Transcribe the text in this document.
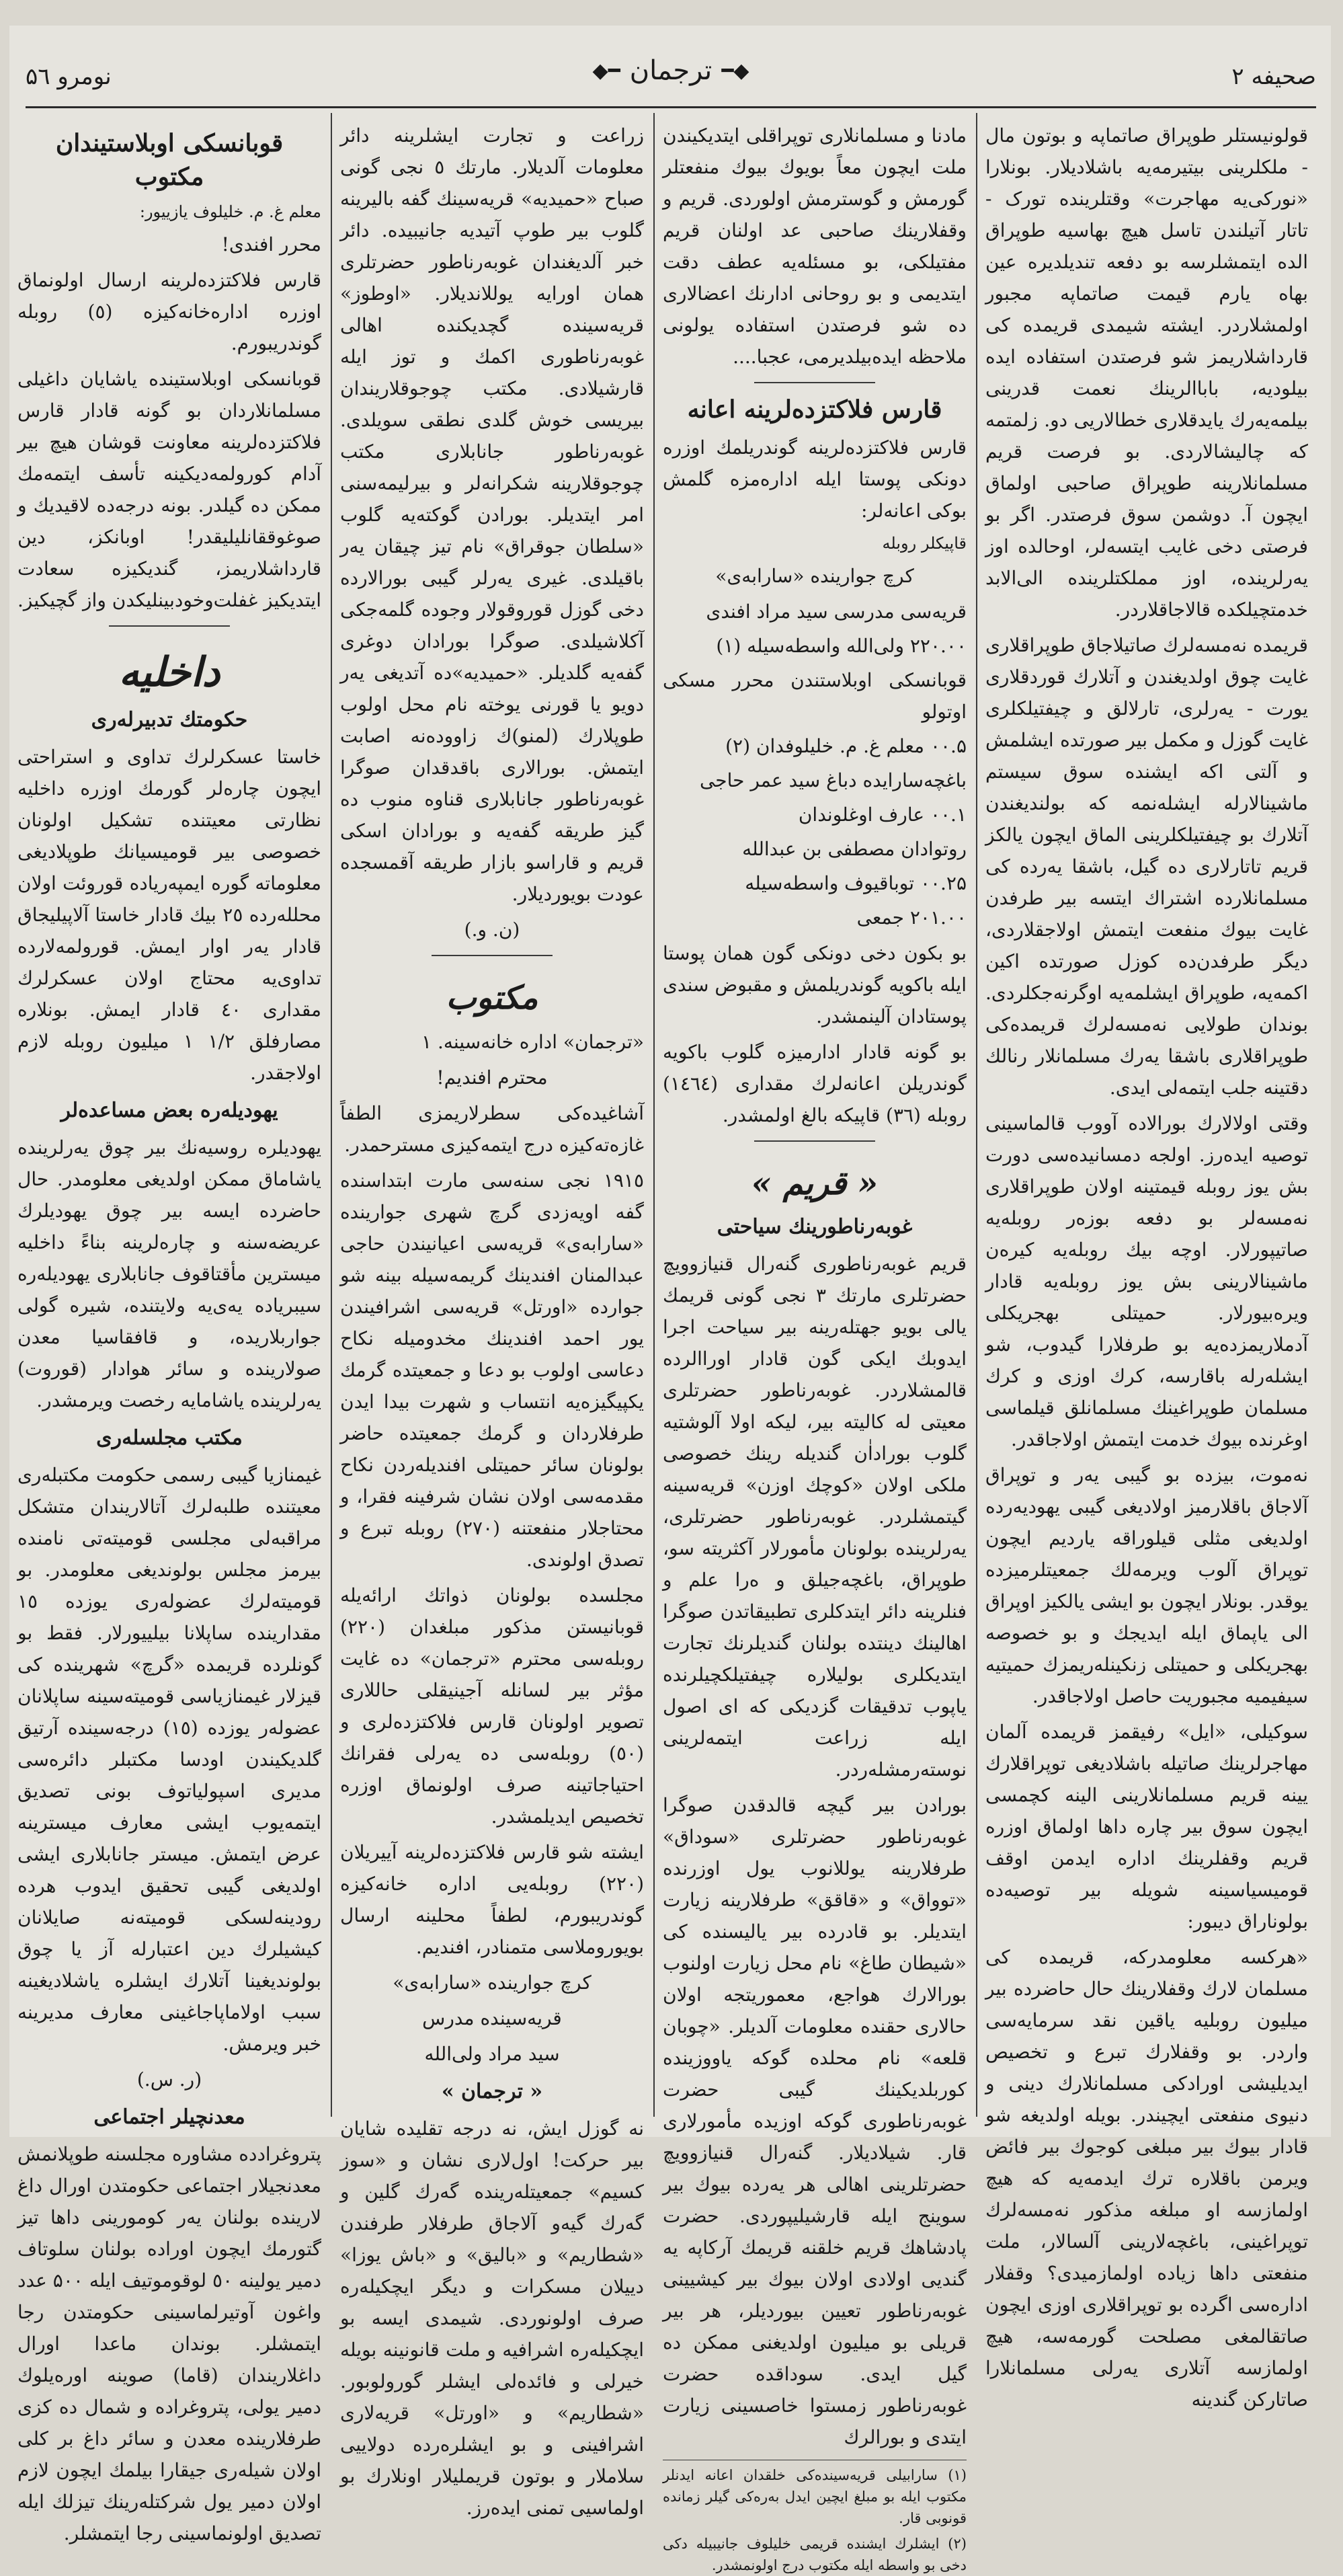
صحیفه ۲
◆━
ترجمان
━◆
نومرو ۵٦

قولونیستلر طوپراق صاتماپه و بوتون مال - ملکلرینی بیتیرمه‌یه باشلادیلار. بونلارا «نورکی‌یه مهاجرت» وقتلرینده تورک - تاتار آتیلندن تاسل هیچ بهاسیه طوپراق الده ایتمشلرسه بو دفعه تندیلدیره عین بهاه یارم قیمت صاتماپه مجبور اولمشلاردر. ایشته شیمدی قریمده کی قارداشلاریمز شو فرصتدن استفاده ایده بیلودیه، باباالرینك نعمت قدرینی بیلمه‌یه‌رك یایدقلاری خطالاریی دو. زلمتمه که چالیشالاردی. بو فرصت قریم مسلمانلارینه طوپراق صاحبی اولماق ایچون آ. دوشمن سوق فرصتدر. اگر بو فرصتی دخی غایب ایتسه‌لر، اوحالده اوز یه‌رلرینده، اوز مملکتلرینده الی‌الابد خدمتچیلکده قالاجاقلاردر.

قریمده نه‌مسه‌لرك صاتیلاجاق طوپراقلاری غایت چوق اولدیغندن و آتلارك قوردقلاری یورت - یه‌رلری، تارلالق و چیفتیلکلری غایت گوزل و مکمل بیر صورتده ایشلمش و آلتی اکه ایشنده سوق سیستم ماشینالارله ایشله‌نمه که بولندیغندن آتلارك بو چیفتیلکلرینی الماق ایچون یالکز قریم تاتارلاری ده گیل، باشقا یه‌رده کی مسلمانلارده اشتراك ایتسه بیر طرفدن غایت بیوك منفعت ایتمش اولاجقلاردی، دیگر طرفدن‌ده کوزل صورتده اکین اکمه‌یه، طوپراق ایشلمه‌یه اوگرنه‌جكلردی. بوندان طولایی نه‌مسه‌لرك قریمده‌کی طوپراقلاری باشقا یه‌رك مسلمانلار رنالك دقتینه جلب ایتمه‌لی ایدی.

وقتی اولالارك بورالاده آووب قالما‌سینی توصیه ایده‌رز. اولجه دمسانیده‌سی دورت بش یوز روبله قیمتینه اولان طوپراقلاری نه‌مسه‌لر بو دفعه بوزه‌ر روبله‌یه صاتیپورلار. اوچه بیك روبله‌یه کیره‌ن ماشینالارینی بش یوز روبله‌یه قادار ویره‌بیورلار. حمیتلی بهجریکلی آدملاریمزده‌یه بو طرفلارا گیدوب، شو ایشله‌رله باقارسه، کرك اوزی و کرك مسلمان طوپراغینك مسلمانلق قیلماسی اوغرنده بیوك خدمت ایتمش اولاجاقدر.

نه‌موت، بیزده بو گیبی یه‌ر و توپراق آلاجاق باقلارمیز اولادیغی گیبی یهودیه‌رده اولدیغی مثلی قیلوراقه یاردیم ایچون توپراق آلوب ویرمه‌لك جمعیتلرمیزده یوقدر. بونلار ایچون بو ایشی یالکیز اوپراق الی‌ یاپماق ایله ایدیجك و بو خصوصه بهجریکلی و حمیتلی زنکینله‌ریمزك حمیتیه سیفیمیه مجبوریت حاصل اولاجاقدر.

سوکیلی، «ایل» رفیقمز قریمده آلمان مهاجرلرینك صاتیله باشلادیغی توپراقلارك یینه قریم مسلمانلارینی الینه کچمسی ایچون سوق بیر چاره داها اولماق اوزره قریم وقفلرینك اداره ایدمن اوقف قومیسیاسینه شویله بیر توصیه‌ده بولوناراق دیبور:

«هرکسه معلومدرکه، قریمده کی مسلمان لارك وقفلارینك حال حاضرده بیر میلیون روبلیه یاقین نقد سرمایه‌سی واردر. بو وقفلارك تبرع و تخصیص ایدیلیشی اورادکی مسلمانلارك دینی و دنیوی منفعتی ایچیندر. بویله اولدیغه شو قادار بیوك بیر مبلغی کوجوك بیر فائض ویرمن باقلاره ترك ایدمه‌یه که هیچ اولمازسه او مبلغه مذکور نه‌مسه‌لرك توپراغینی، باغچه‌لارینی آلسالار، ملت منفعتی داها زیاده اولمازمیدی؟ وقفلار اداره‌سی اگرده بو توپراقلاری اوزی ایچون صاتقالمغی مصلحت گورمه‌سه، هیچ اولمازسه آتلاری یه‌رلی مسلمانلارا صاتارکن گندینه

مادنا و مسلمانلاری توپراقلی ایتدیکیندن ملت ایچون معاً بویوك بیوك منفعتلر گورمش و گوسترمش اولوردی. قریم و وقفلارینك صاحبی عد اولنان قریم مفتیلکی، بو مسئله‌یه عطف دقت ایتدیمی و بو روحانی ادارنك اعضالاری ده شو فرصتدن استفاده یولونی ملاحظه ایده‌بیلدیرمی، عجبا....

قارس فلاکتزده‌لرینه اعانه

قارس فلاکتزده‌لرینه گوندریلمك اوزره دونکی پوستا ایله اداره‌مزه گلمش بوکی اعانه‌لر:

قاپیکلر روبله

کرچ جوارینده «سارابه‌ی»

قریه‌سی مدرسی سید مراد افندی

۲۲۰.۰۰ ولی‌الله واسطه‌سیله (۱)

قوبانسکی اوبلاستندن محرر مسکی اوتولو

۰۰.۵ معلم غ. م. خلیلوفدان (۲)

باغچه‌سارایده دباغ سید عمر حاجی

۰۰.۱ عارف اوغلوندان

روتوادان مصطفی بن عبدالله

۰۰.۲۵ توباقیوف واسطه‌سیله

۲۰۱.۰۰ جمعی

بو بکون دخی دونکی گون همان پوستا ایله باکویه گوندریلمش و مقبوض سندی پوستادان آلینمشدر.

بو گونه قادار ادارمیزه گلوب باکویه گوندریلن اعانه‌لرك مقداری (۱٤٦٤) روبله (۳٦) قاپیکه بالغ اولمشدر.

« قریم »
غوبه‌رناطورینك سیاحتی

قریم غوبه‌رناطوری گنه‌رال قنیازوویچ حضرتلری مارتك ۳ نجی گونی قریمك یالی بویو جهتله‌رینه بیر سیاحت اجرا ایدوبك ایکی گون قادار اوراالرده قالمشلاردر. غوبه‌رناطور حضرتلری معیتی‌ له کالیته بیر، لیکه اولا آلوشتیه گلوب بوراداٰن گندیله رینك خصوصی ملکی اولان «کوچك اوزن» قریه‌سینه گیتمشلردر. غوبه‌رناطور حضرتلری، یه‌رلرینده بولونان مأمورلار آکثریته سو، طوپراق، باغچه‌جیلق و ه‌را علم و فنلرینه دائر ایتدکلری تطبیقاتدن صوگرا اهالینك دینتده بولنان گندیلرنك تجارت ایتدیکلری بولیلاره چیفتیلکچیلرنده یاپوب تدقیقات گزدیکی که ای اصول ایله زراعت ایتمه‌لرینی نوسته‌رمشله‌ردر.

بورادن بیر گیچه قالدقدن صوگرا غوبه‌رناطور حضرتلری «سوداق» طرفلارینه یوللانوب یول اوزرنده «توواق» و «قاقق» طرفلارینه زیارت ایتدیلر. بو قادر‌ده بیر یالیسنده کی «شیطان طاغ» نام محل زیارت اولنوب بورالارك هواجع، معموریتجه اولان حالاری حقنده معلومات آلدیلر. «چوبان قلعه» نام محلده گوکه‌ یاووزینده کوربلدیکینك گیبی حضرت غوبه‌رناطوری گوکه اوزیده مأمورلاری قار. شیلادیلار. گنه‌رال قنیازوویچ حضرتلرینی اهالی هر یه‌رده بیوك بیر سوینج ایله قارشیلیپوردی. حضرت پادشاهك قریم خلقنه قریمك آرکاپه یه گندیی اولادی اولان بیوك بیر کیشیینی غوبه‌رناطور تعیین بیوردیلر، هر بیر قریلی بو میلیون اولدیغنی ممکن ده گیل ایدی. سوداقده حضرت غوبه‌رناطور زمستوا خاصسینی زیارت ایتدی و بورالرك

(۱) سارابیلی قریه‌سینده‌کی خلقدان اعانه ایدنلر مکتوب ایله بو مبلغ ایچین ایدل به‌ره‌کی گیلر زمانده قونوبی قار.

(۲) ایشلرك ایشنده قریمی خلیلوف جانیبیله دکی دخی بو واسطه ایله مکتوب درج اولونمشدر.

زراعت و تجارت ایشلرینه دائر معلومات آلدیلار. مارتك ٥ نجی گونی صباح «حمیدیه» قریه‌سینك گفه بالیرینه گلوب بیر طوپ آتیدیه جانیبیده. دائر خبر آلدیغندان غوبه‌رناطور حضرتلری همان اورایه یوللاندیلار. «اوطوز» قریه‌سینده گچدیکنده اهالی غوبه‌رناطوری اکمك و توز ایله قارشیلادی. مکتب چوجوقلاریندان بیریسی خوش گلدی نطقی سویلدی. غوبه‌رناطور جانابلاری مکتب چوجوقلارینه شکرانه‌لر و بیرلیمه‌سنی امر ایتدیلر. بورادن گوکته‌یه گلوب «سلطان جوقراق» نام تیز چیقان یه‌ر باقیلدی. غیری یه‌رلر گیبی بورالارده دخی گوزل قوروقولار وجوده گلمه‌جکی آکلاشیلدی. صوگرا بورادان دوغری گفه‌یه گلدیلر. «حمیدیه»ده آتدیغی یه‌ر دویو یا قورنی یوخته نام محل اولوب طوپلارك (لمنو)ك زاووده‌نه اصابت ایتمش. بورالاری باقدقدان صوگرا غوبه‌رناطور جانابلاری قناوه منوب ده گیز طریقه گفه‌یه و بورادان اسکی قریم و قاراسو بازار طریقه آقمسجده عودت بویوردیلار.

(ن. و.)

مکتوب

«ترجمان» اداره خانه‌سینه. ۱

محترم افندیم!

آشاغیده‌کی سطرلاریمزی الطفاً غازه‌ته‌کیزه درج ایتمه‌کیزی مسترحمدر.

۱۹۱٥ نجی سنه‌سی مارت ابتداسنده گفه اویه‌زدی گرچ شهری جوارینده «سارابه‌ی» قریه‌سی اعیانیندن حاجی عبدالمنان افندینك گریمه‌سیله بینه شو جوارده «اورتل» قریه‌سی اشرافیندن یور احمد افندینك مخدومیله نکاح دعاسی اولوب بو دعا و جمعیتده گرمك یکپیگیزه‌یه انتساب و شهرت بیدا ایدن طرفلاردان و گرمك جمعیتده حاضر بولونان سائر حمیتلی افندیله‌ردن نکاح مقدمه‌سی اولان نشان شرفینه فقرا، و محتاجلار منفعتنه (۲۷۰) روبله تبرع و تصدق اولوندی.

مجلسده بولونان ذواتك ارائه‌یله قوبانیستن مذکور مبلغدان (۲۲۰) روبله‌سی محترم «ترجمان» ده غایت مؤثر بیر لسانله آجینیقلی حاللاری تصویر اولونان قارس فلاکتزده‌لری و (٥۰) روبله‌سی ده یه‌رلی فقرانك احتیاجاتینه صرف اولونماق اوزره تخصیص ایدیلمشدر.

ایشته شو قارس فلاکتزده‌لرینه آییریلان (۲۲۰) روبله‌یی اداره خانه‌کیزه گوندریبورم، لطفاً محلینه ارسال بویوروملاسی متمنادر، افندیم.

کرچ جوارینده «سارابه‌ی»

قریه‌سینده مدرس

سید مراد ولی‌الله

« ترجمان »

نه گوزل ایش، نه درجه تقلیده شایان بیر حرکت! اول‌لاری نشان و «سوز کسیم» جمعیتله‌رینده گه‌رك گلین و گه‌رك گیه‌و آلاجاق طرفلار طرفندن «شطاریم» و «بالیق» و «باش یوزا» دییلان مسکرات و دیگر ایچکیله‌ره صرف اولونوردی. شیمدی ایسه بو ایچکیله‌ره اشرافیه و ملت قانونینه بویله خیرلی و فائده‌لی ایشلر گورولوبور. «شطاریم» و «اورتل» قریه‌لاری اشرافینی و بو ایشلره‌رده دولاییی سلاملار و بوتون قریملیلار اونلارك بو اولماسیی تمنی ایده‌رز.

قوبانسکی اوبلاستیندان مکتوب

معلم غ. م. خلیلوف یازییور:

محرر افندی!

قارس فلاکتزده‌لرینه ارسال اولونماق اوزره اداره‌خانه‌کیزه (٥) روبله گوندریبورم.

قوبانسکی اوبلاستینده یاشایان داغیلی مسلمانلاردان بو گونه قادار قارس فلاکتزده‌لرینه معاونت قوشان هیچ بیر آدام کورولمه‌دیکینه تأسف ایتمه‌مك ممکن ده گیلدر. بونه درجه‌ده لاقیدیك و صوغوققانلیلیقدر! اوبانکز، دین قارداشلاریمز، گندیکیزه سعادت ایتدیکیز غفلت‌وخودبینلیکدن واز گچیکیز.

داخلیه
حکومتك تدبیرله‌ری

خاستا عسکرلرك تداوی و استراحتی ایچون چاره‌لر گورمك اوزره داخلیه نظارتی معیتنده تشکیل اولونان خصوصی بیر قومیسیانك طوپلادیغی معلوماته گوره ایمپه‌ریاده قوروئت اولان محلله‌رده ۲٥ بیك قادار خاستا آلاپیلیجاق قادار یه‌ر اوار ایمش. قورولمه‌لارده تداوی‌یه محتاج اولان عسکرلرك مقداری ٤۰ قادار ایمش. بونلاره مصارفلق ۱/۲ ۱ میلیون روبله لازم اولاجقدر.

یهودیله‌ره بعض مساعده‌لر

یهودیلره روسیه‌نك بیر چوق یه‌رلرینده یاشاماق ممکن اولدیغی معلومدر. حال حاضرده ایسه بیر چوق یهودیلرك عریضه‌سنه و چاره‌لرینه بناءً داخلیه میسترین مأقتاقوف جانابلاری یهودیله‌ره سیبریاده یه‌ی‌یه ولایتنده، شیره گولی جواربلاریده، و قافقاسیا معدن صولارینده و سائر هوادار (قوروت) یه‌رلرینده یاشامایه رخصت ویرمشدر.

مکتب مجلسله‌ری

غیمنازیا گیبی رسمی حکومت مکتبله‌ری معیتنده طلبه‌لرك آتالاریندان متشکل مراقبه‌لی مجلسی قومیته‌تی نامنده بیرمز مجلس بولوندیغی معلومدر. بو قومیته‌لرك عضوله‌ری یوزده ۱٥ مقدارینده ساپلانا بیلییورلار. فقط بو گونلرده قریمده «گرچ» شهرینده کی قیزلار غیمنازیاسی قومیته‌سینه ساپلانان عضوله‌ر یوزده (۱٥) درجه‌سینده آرتیق گلدیکیندن اودسا مکتبلر دائره‌سی مدیری اسپولیاتوف بونی تصدیق ایتمه‌یوب ایشی معارف میسترینه عرض ایتمش. میستر جانابلاری ایشی اولدیغی گیبی تحقیق ایدوب هرده رودینه‌لسکی قومیته‌نه صایلانان کیشیلرك دین اعتبارله آز یا چوق بولوندیغینا آتلارك ایشلره یاشلادیغینه سبب اولاماپاجاغینی معارف مدیرینه خبر ویرمش.

(ر. س.)

معدنچیلر اجتماعی

پتروغرادده مشاوره مجلسنه طوپلانمش معدنجیلار اجتماعی حکومتدن اورال داغ لارینده بولنان یه‌ر کومورینی داها تیز گتورمك ایچون اوراده بولنان سلوتاف دمیر یولینه ٥۰ لوقوموتیف ایله ۵۰۰ عدد واغون آوتیرلماسینی حکومتدن رجا ایتمشلر. بوندان ماعدا اورال داغلاریندان (قاما) صوینه اوره‌یلوك دمیر یولی، پتروغراده و شمال ده کزی طرفلارینده معدن و سائر داغ بر کلی اولان شیله‌ری جیقارا بیلمك ایچون لازم اولان دمیر یول شرکتله‌رینك تیزلك ایله تصدیق اولونماسینی رجا ایتمشلر.
